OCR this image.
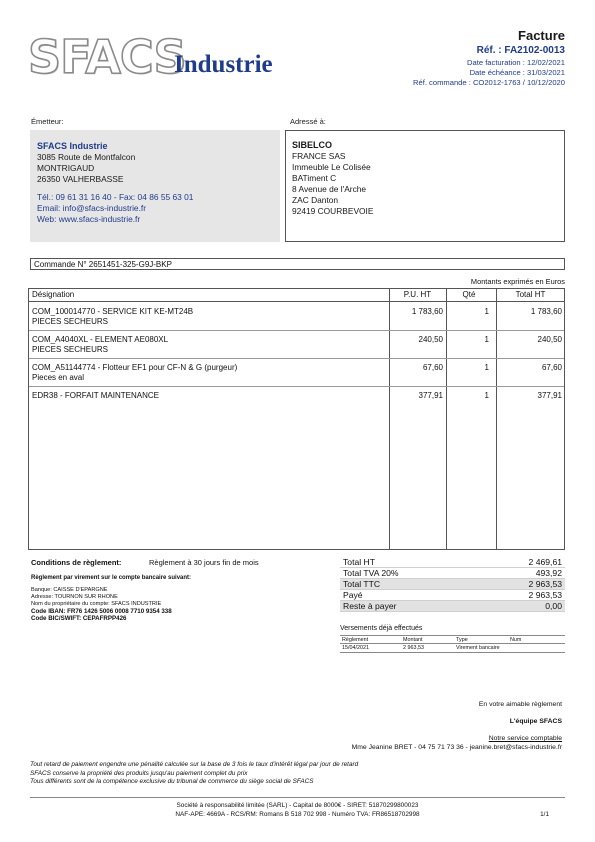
SFACS
Industrie
Facture
Réf. : FA2102-0013
Date facturation : 12/02/2021
Date échéance : 31/03/2021
Réf. commande : CO2012-1763 / 10/12/2020
Émetteur:
SFACS Industrie
3085 Route de Montfalcon
MONTRIGAUD
26350 VALHERBASSE
Tél.: 09 61 31 16 40 - Fax: 04 86 55 63 01
Email: info@sfacs-industrie.fr
Web: www.sfacs-industrie.fr
Adressé à:
SIBELCO
FRANCE SAS
Immeuble Le Colisée
BATiment C
8 Avenue de l'Arche
ZAC Danton
92419 COURBEVOIE
Commande N° 2651451-325-G9J-BKP
Montants exprimés en Euros
Désignation	P.U. HT	Qté	Total HT
COM_100014770 - SERVICE KIT KE-MT24B
PIECES SECHEURS
1 783,60	1	1 783,60
COM_A4040XL - ELEMENT AE080XL
PIECES SECHEURS
240,50	1	240,50
COM_A51144774 - Flotteur EF1 pour CF-N & G (purgeur)
Pieces en aval
67,60	1	67,60
EDR38 - FORFAIT MAINTENANCE	377,91	1	377,91
Conditions de règlement:	Règlement à 30 jours fin de mois
Règlement par virement sur le compte bancaire suivant:
Banque: CAISSE D'EPARGNE
Adresse: TOURNON SUR RHONE
Nom du propriétaire du compte: SFACS INDUSTRIE
Code IBAN: FR76 1426 5006 0008 7710 9354 338
Code BIC/SWIFT: CEPAFRPP426
Total HT	2 469,61
Total TVA 20%	493,92
Total TTC	2 963,53
Payé	2 963,53
Reste à payer	0,00
Versements déjà effectués
Règlement	Montant	Type	Num
15/04/2021	2 963,53	Virement bancaire
En votre aimable règlement
L'équipe SFACS
Notre service comptable
Mme Jeanine BRET - 04 75 71 73 36 - jeanine.bret@sfacs-industrie.fr
Tout retard de paiement engendre une pénalité calculée sur la base de 3 fois le taux d'intérêt légal par jour de retard
SFACS conserve la propriété des produits jusqu'au paiement complet du prix
Tous différents sont de la compétence exclusive du tribunal de commerce du siège social de SFACS
Société à responsabilité limitée (SARL) - Capital de 8000€ - SIRET: 51870299800023
NAF-APE: 4669A - RCS/RM: Romans B 518 702 998 - Numéro TVA: FR86518702998	1/1
